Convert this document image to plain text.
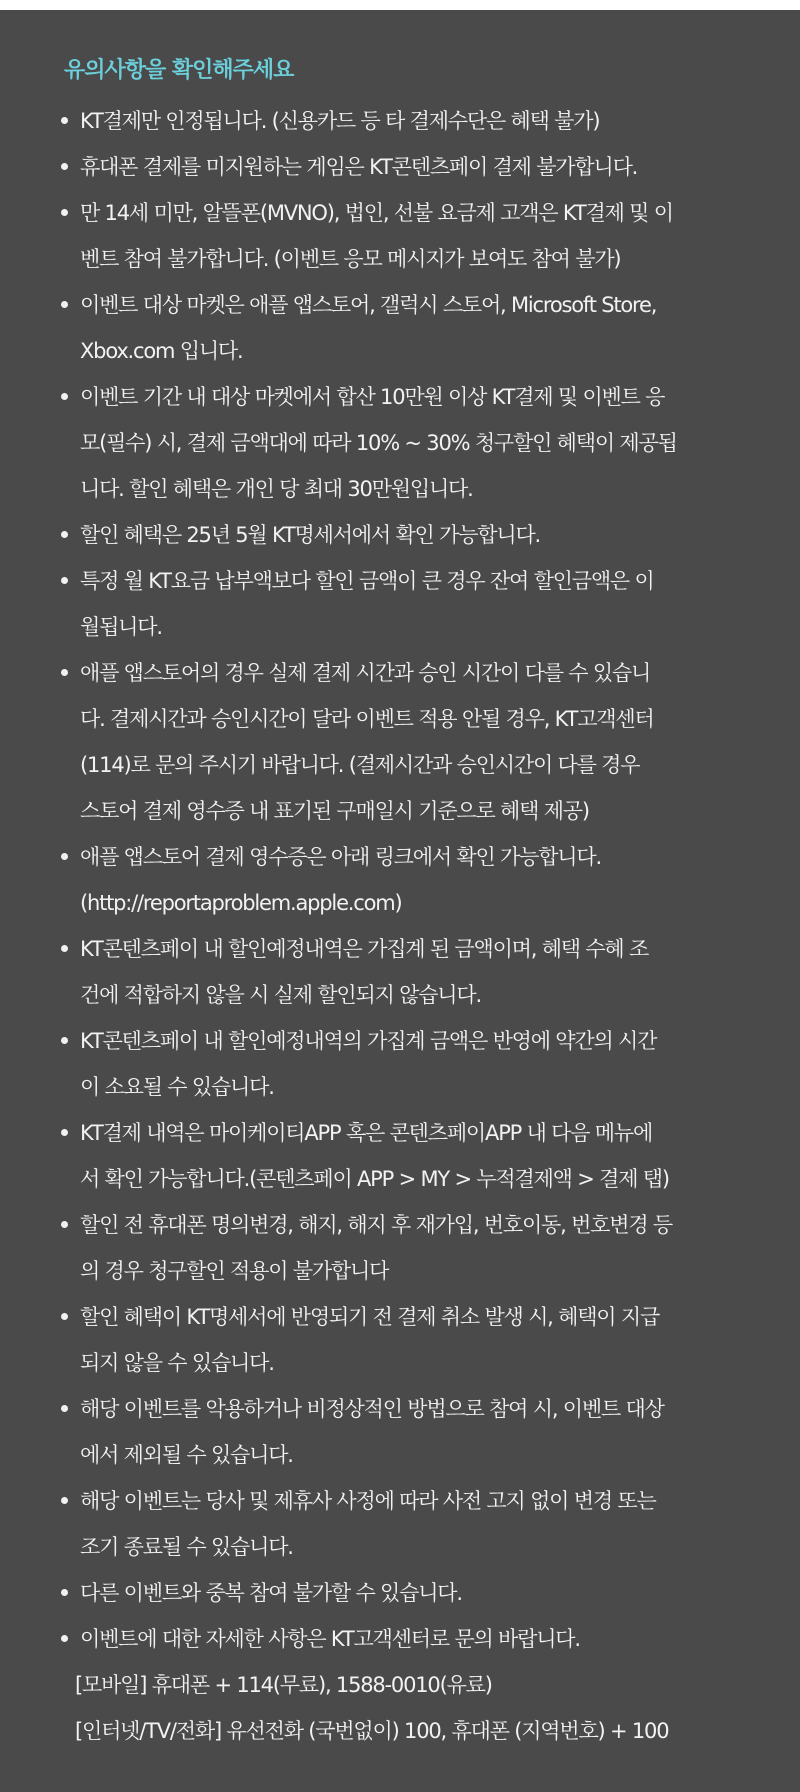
유의사항을 확인해주세요
KT결제만 인정됩니다. (신용카드 등 타 결제수단은 혜택 불가)
휴대폰 결제를 미지원하는 게임은 KT콘텐츠페이 결제 불가합니다.
만 14세 미만, 알뜰폰(MVNO), 법인, 선불 요금제 고객은 KT결제 및 이
벤트 참여 불가합니다. (이벤트 응모 메시지가 보여도 참여 불가)
이벤트 대상 마켓은 애플 앱스토어, 갤럭시 스토어, Microsoft Store,
Xbox.com 입니다.
이벤트 기간 내 대상 마켓에서 합산 10만원 이상 KT결제 및 이벤트 응
모(필수) 시, 결제 금액대에 따라 10% ~ 30% 청구할인 혜택이 제공됩
니다. 할인 혜택은 개인 당 최대 30만원입니다.
할인 혜택은 25년 5월 KT명세서에서 확인 가능합니다.
특정 월 KT요금 납부액보다 할인 금액이 큰 경우 잔여 할인금액은 이
월됩니다.
애플 앱스토어의 경우 실제 결제 시간과 승인 시간이 다를 수 있습니
다. 결제시간과 승인시간이 달라 이벤트 적용 안될 경우, KT고객센터
(114)로 문의 주시기 바랍니다. (결제시간과 승인시간이 다를 경우
스토어 결제 영수증 내 표기된 구매일시 기준으로 혜택 제공)
애플 앱스토어 결제 영수증은 아래 링크에서 확인 가능합니다.
(http://reportaproblem.apple.com)
KT콘텐츠페이 내 할인예정내역은 가집계 된 금액이며, 혜택 수혜 조
건에 적합하지 않을 시 실제 할인되지 않습니다.
KT콘텐츠페이 내 할인예정내역의 가집계 금액은 반영에 약간의 시간
이 소요될 수 있습니다.
KT결제 내역은 마이케이티APP 혹은 콘텐츠페이APP 내 다음 메뉴에
서 확인 가능합니다.(콘텐츠페이 APP > MY > 누적결제액 > 결제 탭)
할인 전 휴대폰 명의변경, 해지, 해지 후 재가입, 번호이동, 번호변경 등
의 경우 청구할인 적용이 불가합니다
할인 혜택이 KT명세서에 반영되기 전 결제 취소 발생 시, 혜택이 지급
되지 않을 수 있습니다.
해당 이벤트를 악용하거나 비정상적인 방법으로 참여 시, 이벤트 대상
에서 제외될 수 있습니다.
해당 이벤트는 당사 및 제휴사 사정에 따라 사전 고지 없이 변경 또는
조기 종료될 수 있습니다.
다른 이벤트와 중복 참여 불가할 수 있습니다.
이벤트에 대한 자세한 사항은 KT고객센터로 문의 바랍니다.
[모바일] 휴대폰 + 114(무료), 1588-0010(유료)
[인터넷/TV/전화] 유선전화 (국번없이) 100, 휴대폰 (지역번호) + 100
